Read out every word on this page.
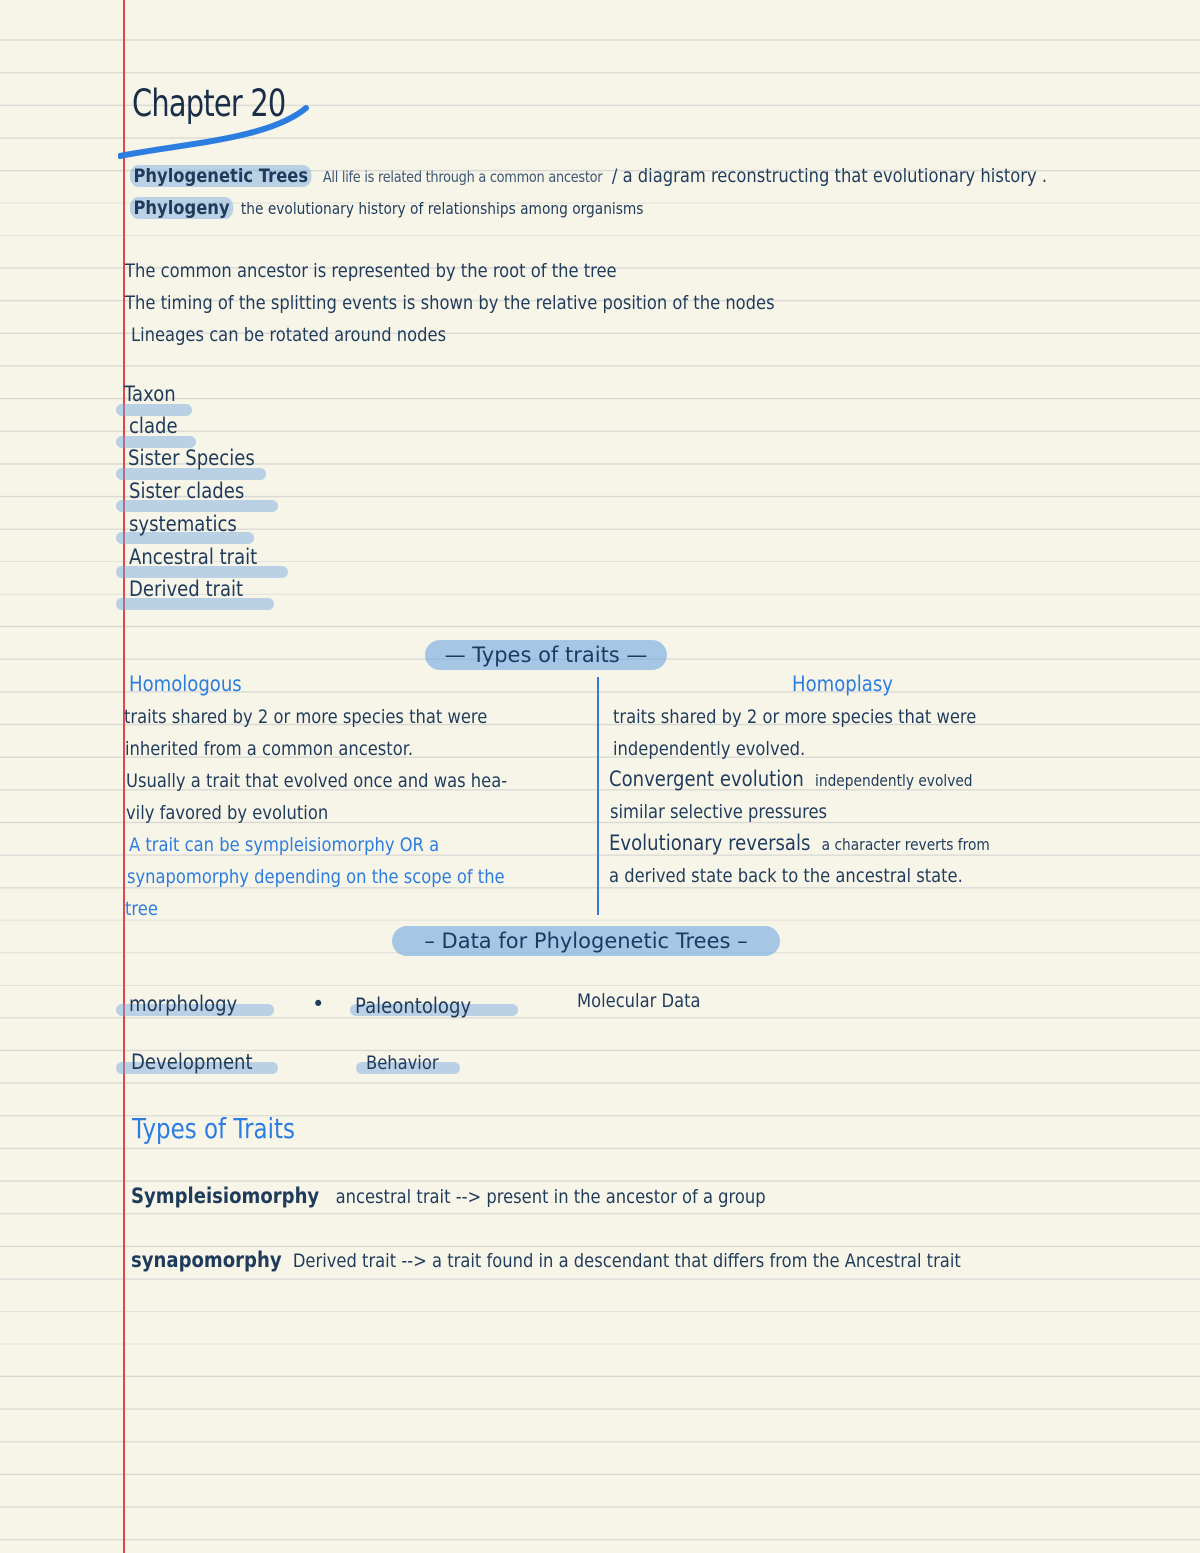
Chapter 20
Phylogenetic Trees All life is related through a common ancestor / a diagram reconstructing that evolutionary history .
Phylogeny the evolutionary history of relationships among organisms
The common ancestor is represented by the root of the tree
The timing of the splitting events is shown by the relative position of the nodes
Lineages can be rotated around nodes
Taxon
clade
Sister Species
Sister clades
systematics
Ancestral trait
Derived trait
— Types of traits —
Homologous
traits shared by 2 or more species that were
inherited from a common ancestor.
Usually a trait that evolved once and was hea-
vily favored by evolution
A trait can be sympleisiomorphy OR a
synapomorphy depending on the scope of the
tree
Homoplasy
traits shared by 2 or more species that were
independently evolved.
Convergent evolution independently evolved
similar selective pressures
Evolutionary reversals a character reverts from
a derived state back to the ancestral state.
– Data for Phylogenetic Trees –
morphology	• Paleontology	Molecular Data
Development	Behavior
Types of Traits
Sympleisiomorphy ancestral trait --> present in the ancestor of a group
synapomorphy Derived trait --> a trait found in a descendant that differs from the Ancestral trait
